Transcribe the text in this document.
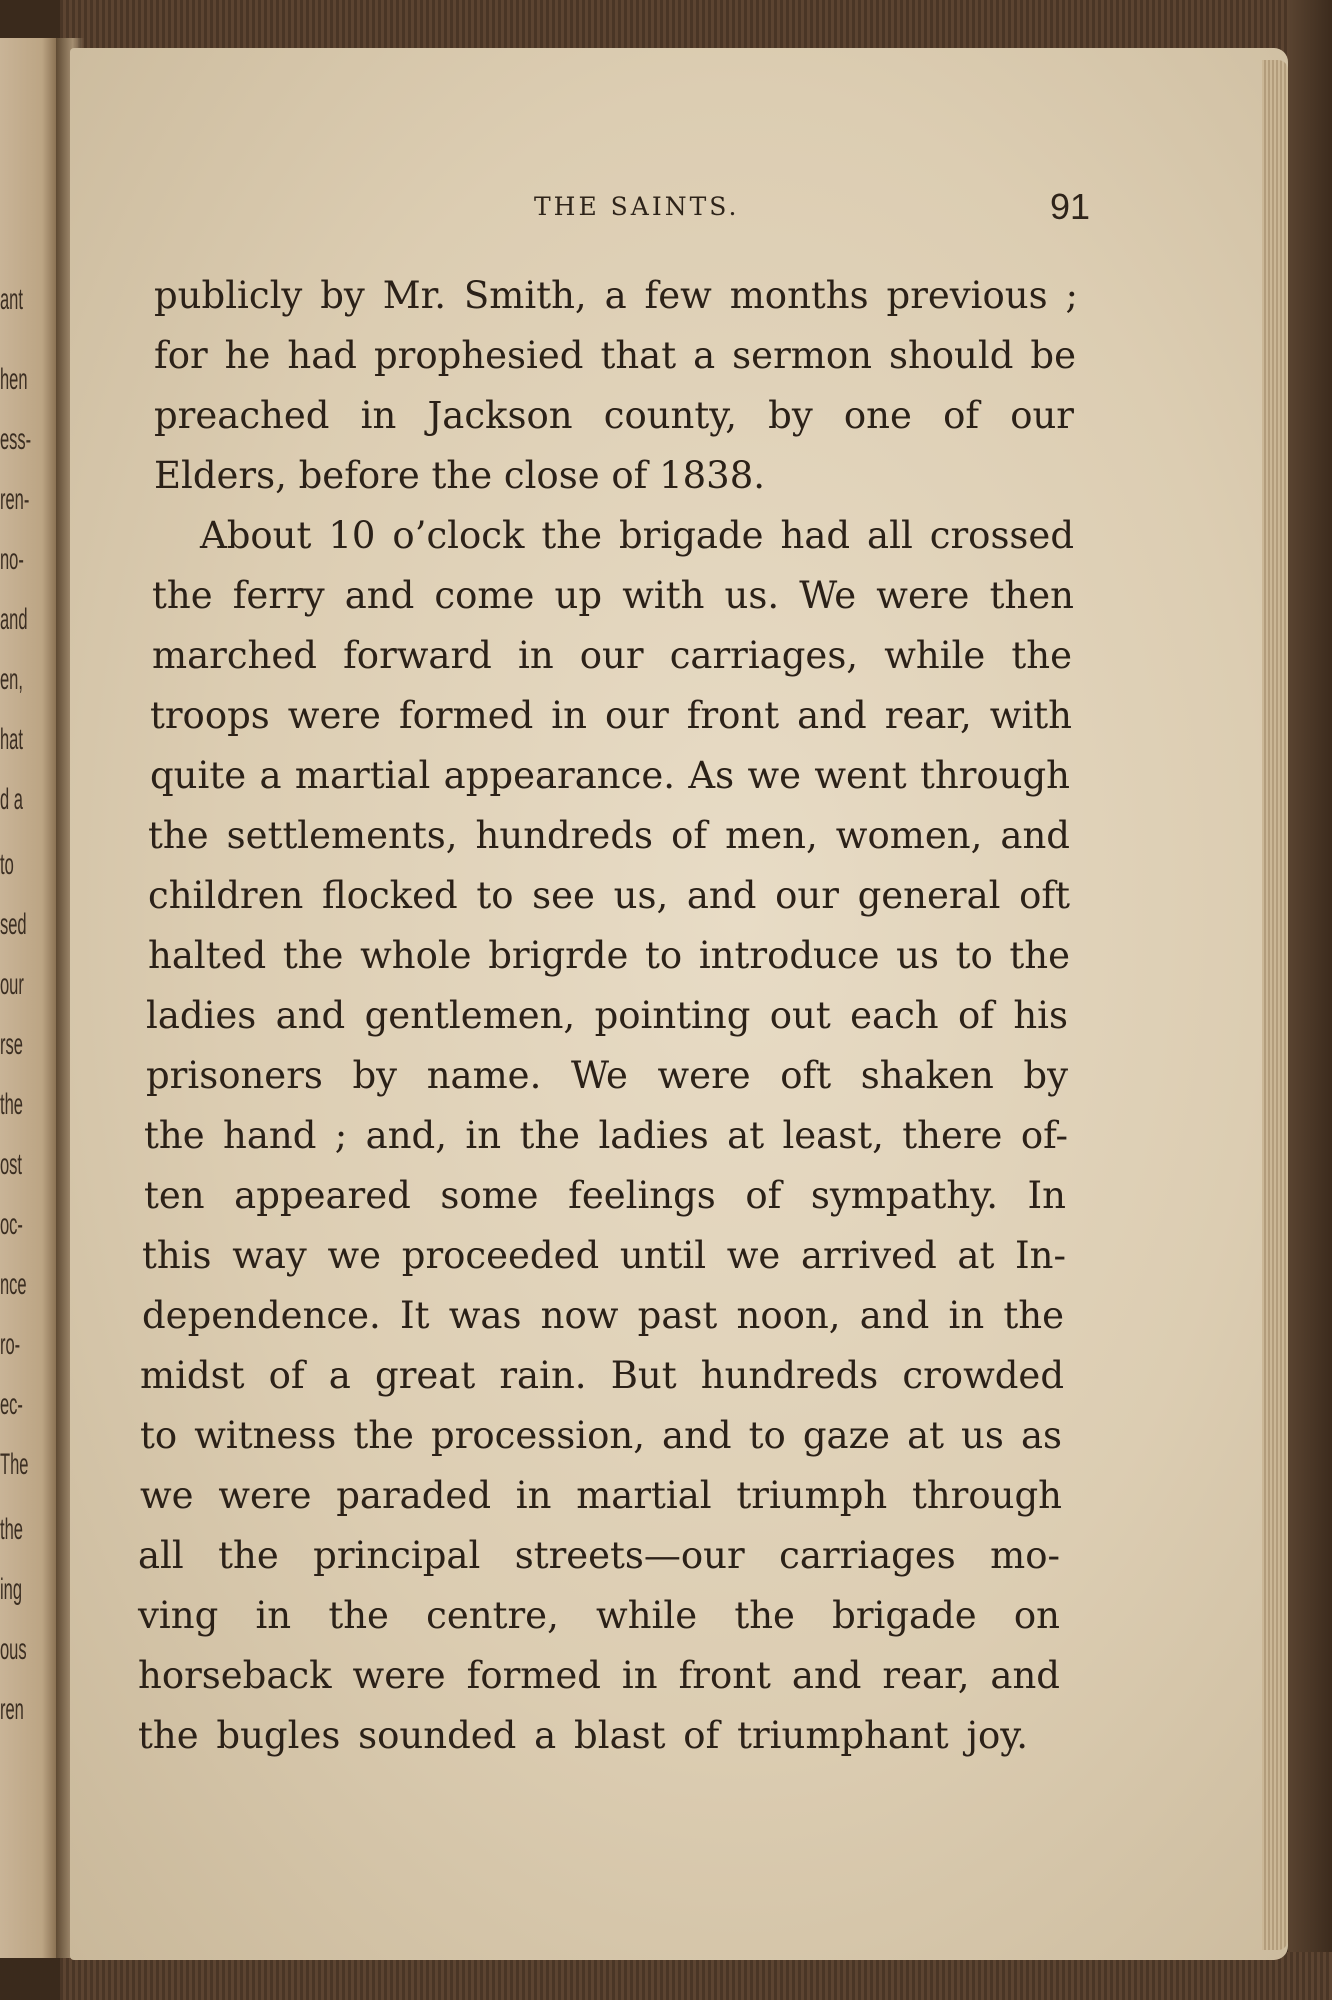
ant
hen
ess-
ren-
no-
and
en,
hat
d a
to
sed
our
rse
the
ost
oc-
nce
ro-
ec-
The
the
ing
ous
ren
THE SAINTS.	91
publicly by Mr. Smith, a few months previous ;
for he had prophesied that a sermon should be
preached in Jackson county, by one of our
Elders, before the close of 1838.
About 10 o’clock the brigade had all crossed
the ferry and come up with us. We were then
marched forward in our carriages, while the
troops were formed in our front and rear, with
quite a martial appearance. As we went through
the settlements, hundreds of men, women, and
children flocked to see us, and our general oft
halted the whole brigrde to introduce us to the
ladies and gentlemen, pointing out each of his
prisoners by name. We were oft shaken by
the hand ; and, in the ladies at least, there of-
ten appeared some feelings of sympathy. In
this way we proceeded until we arrived at In-
dependence. It was now past noon, and in the
midst of a great rain. But hundreds crowded
to witness the procession, and to gaze at us as
we were paraded in martial triumph through
all the principal streets—our carriages mo-
ving in the centre, while the brigade on
horseback were formed in front and rear, and
the bugles sounded a blast of triumphant joy.
